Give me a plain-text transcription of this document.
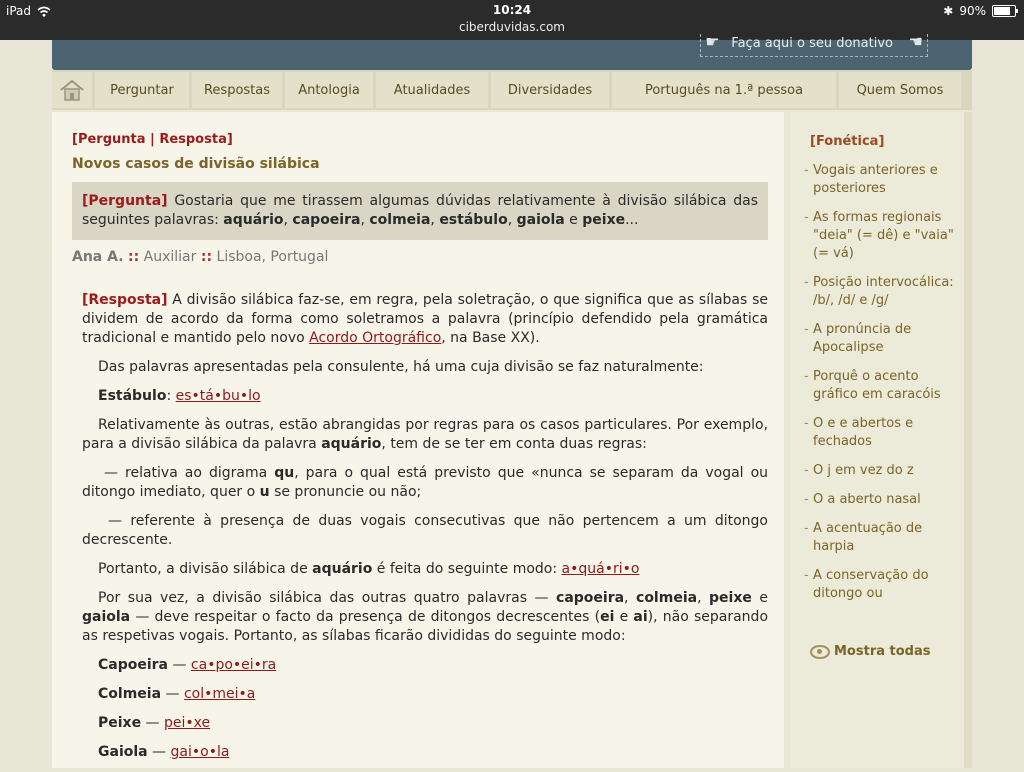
iPad	10:24
ciberduvidas.com
✱ 90%
☛ Faça aqui o seu donativo ☚
Perguntar	Respostas	Antologia	Atualidades	Diversidades	Português na 1.ª pessoa	Quem Somos
[Pergunta | Resposta]
Novos casos de divisão silábica
[Pergunta] Gostaria que me tirassem algumas dúvidas relativamente à divisão silábica das seguintes palavras: aquário, capoeira, colmeia, estábulo, gaiola e peixe...
Ana A. :: Auxiliar :: Lisboa, Portugal

[Resposta] A divisão silábica faz-se, em regra, pela soletração, o que significa que as sílabas se dividem de acordo da forma como soletramos a palavra (princípio defendido pela gramática tradicional e mantido pelo novo Acordo Ortográfico, na Base XX).

Das palavras apresentadas pela consulente, há uma cuja divisão se faz naturalmente:

Estábulo: es•tá•bu•lo

Relativamente às outras, estão abrangidas por regras para os casos particulares. Por exemplo, para a divisão silábica da palavra aquário, tem de se ter em conta duas regras:

— relativa ao digrama qu, para o qual está previsto que «nunca se separam da vogal ou ditongo imediato, quer o u se pronuncie ou não;

— referente à presença de duas vogais consecutivas que não pertencem a um ditongo decrescente.

Portanto, a divisão silábica de aquário é feita do seguinte modo: a•quá•ri•o

Por sua vez, a divisão silábica das outras quatro palavras — capoeira, colmeia, peixe e gaiola — deve respeitar o facto da presença de ditongos decrescentes (ei e ai), não separando as respetivas vogais. Portanto, as sílabas ficarão divididas do seguinte modo:

Capoeira — ca•po•ei•ra

Colmeia — col•mei•a

Peixe — pei•xe

Gaiola — gai•o•la

[Fonética]
- Vogais anteriores e posteriores
- As formas regionais "deia" (= dê) e "vaia" (= vá)
- Posição intervocálica: /b/, /d/ e /g/
- A pronúncia de Apocalipse
- Porquê o acento gráfico em caracóis
- O e e abertos e fechados
- O j em vez do z
- O a aberto nasal
- A acentuação de harpia
- A conservação do ditongo ou
Mostra todas
